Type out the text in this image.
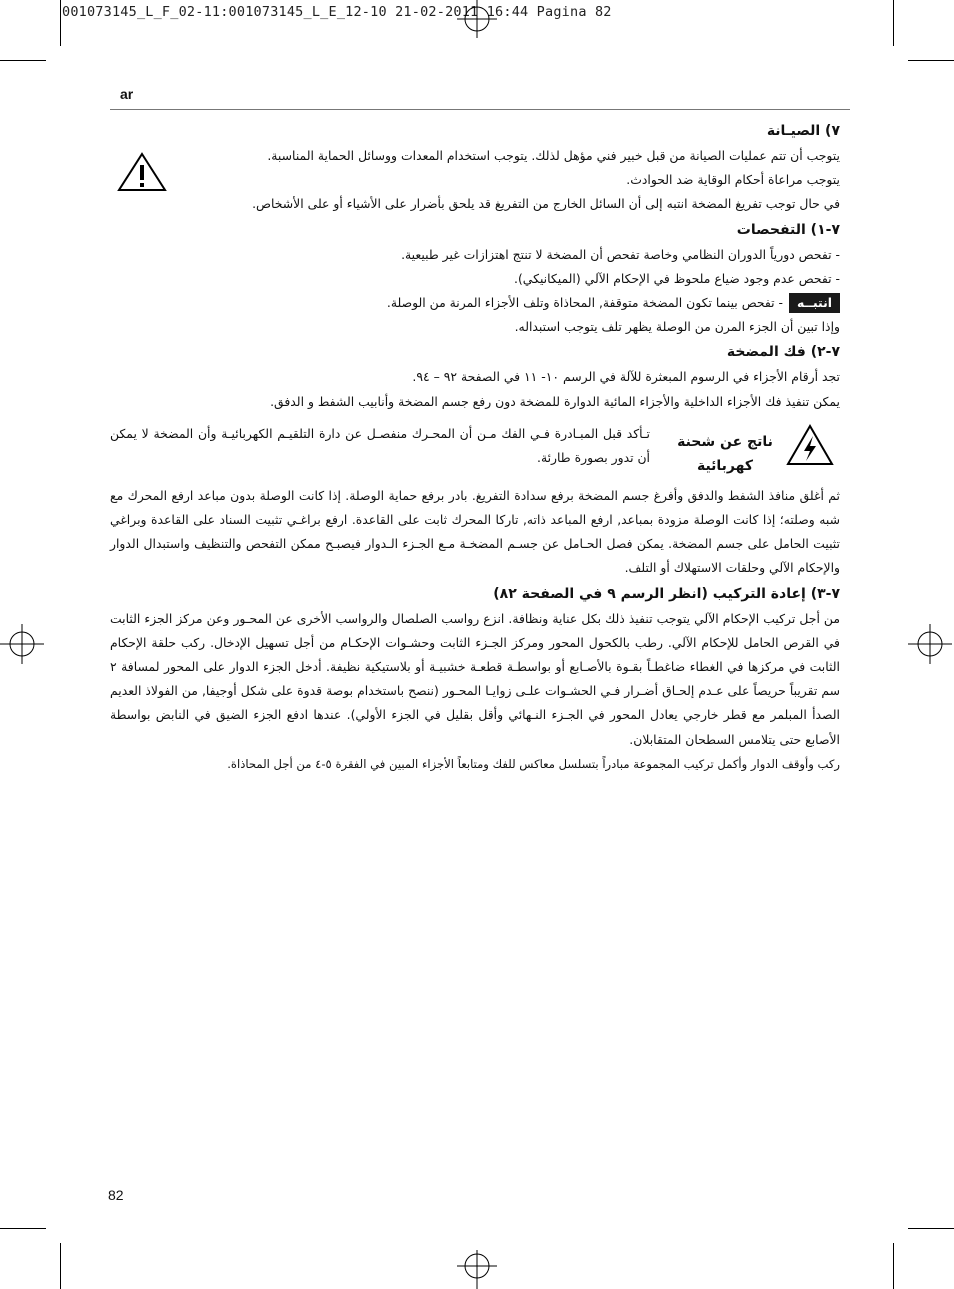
001073145_L_F_02-11:001073145_L_E_12-10 21-02-2011 16:44 Pagina 82
ar

٧) الصيـانة

يتوجب أن تتم عمليات الصيانة من قبل خبير فني مؤهل لذلك. يتوجب استخدام المعدات ووسائل الحماية المناسبة.

يتوجب مراعاة أحكام الوقاية ضد الحوادث.

في حال توجب تفريغ المضخة انتبه إلى أن السائل الخارج من التفريغ قد يلحق بأضرار على الأشياء أو على الأشخاص.

٧-١) التفحصات

- تفحص دورياً الدوران النظامي وخاصة تفحص أن المضخة لا تنتج اهتزازات غير طبيعية.

- تفحص عدم وجود ضياع ملحوظ في الإحكام الآلي (الميكانيكي).

انتبــه- تفحص بينما تكون المضخة متوقفة, المحاذاة وتلف الأجزاء المرنة من الوصلة.

وإذا تبين أن الجزء المرن من الوصلة يظهر تلف يتوجب استبداله.

٧-٢) فك المضخة

تجد أرقام الأجزاء في الرسوم المبعثرة للآلة في الرسم ١٠- ١١ في الصفحة ٩٢ – ٩٤.

يمكن تنفيذ فك الأجزاء الداخلية والأجزاء المائية الدوارة للمضخة دون رفع جسم المضخة وأنابيب الشفط و الدفق.

ناتج عن شحنة كهربائية
تـأكد قبل المبـادرة فـي الفك مـن أن المحـرك منفصـل عن دارة التلقيـم الكهربائيـة وأن المضخة لا يمكن أن تدور بصورة طارئة.

ثم أغلق منافذ الشفط والدفق وأفرغ جسم المضخة برفع سدادة التفريغ. بادر برفع حماية الوصلة. إذا كانت الوصلة بدون مباعد ارفع المحرك مع شبه وصلته؛ إذا كانت الوصلة مزودة بمباعد, ارفع المباعد ذاته, تاركا المحرك ثابت على القاعدة. ارفع براغـي تثبيت السناد على القاعدة وبراغي تثبيت الحامل على جسم المضخة. يمكن فصل الحـامل عن جسـم المضخـة مـع الجـزء الـدوار فيصبـح ممكن التفحص والتنظيف واستبدال الدوار والإحكام الآلي وحلقات الاستهلاك أو التلف.

٧-٣) إعادة التركيب (انظر الرسم ٩ في الصفحة ٨٢)

من أجل تركيب الإحكام الآلي يتوجب تنفيذ ذلك بكل عناية ونظافة. انزع رواسب الصلصال والرواسب الأخرى عن المحـور وعن مركز الجزء الثابت في القرص الحامل للإحكام الآلي. رطب بالكحول المحور ومركز الجـزء الثابت وحشـوات الإحكـام من أجل تسهيل الإدخال. ركب حلقة الإحكام الثابت في مركزها في الغطاء ضاغطـاً بقـوة بالأصـابع أو بواسطـة قطعـة خشبيـة أو بلاستيكية نظيفة. أدخل الجزء الدوار على المحور لمسافة ٢ سم تقريباً حريصاً على عـدم إلحـاق أضـرار فـي الحشـوات علـى زوايـا المحـور (ننصح باستخدام بوصة قدوة على شكل أوجيفا, من الفولاذ العديم الصدأ المبلمر مع قطر خارجي يعادل المحور في الجـزء النـهائي وأقل بقليل في الجزء الأولي). عندها ادفع الجزء الضيق في النابض بواسطة الأصابع حتى يتلامس السطحان المتقابلان.

ركب وأوقف الدوار وأكمل تركيب المجموعة مبادراً بتسلسل معاكس للفك ومتابعاً الأجزاء المبين في الفقرة ٥-٤ من أجل المحاذاة.

82
